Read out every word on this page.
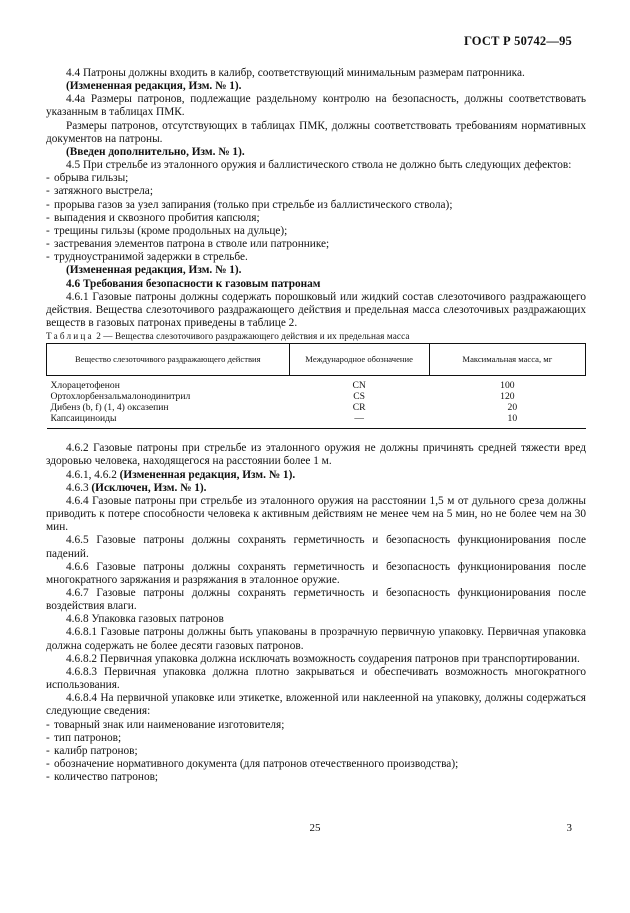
ГОСТ Р 50742—95

4.4 Патроны должны входить в калибр, соответствующий минимальным размерам патронника.

(Измененная редакция, Изм. № 1).

4.4а Размеры патронов, подлежащие раздельному контролю на безопасность, должны соответствовать указанным в таблицах ПМК.

Размеры патронов, отсутствующих в таблицах ПМК, должны соответствовать требованиям нормативных документов на патроны.

(Введен дополнительно, Изм. № 1).

4.5 При стрельбе из эталонного оружия и баллистического ствола не должно быть следующих дефектов:

- обрыва гильзы;
- затяжного выстрела;
- прорыва газов за узел запирания (только при стрельбе из баллистического ствола);
- выпадения и сквозного пробития капсюля;
- трещины гильзы (кроме продольных на дульце);
- застревания элементов патрона в стволе или патроннике;
- трудноустранимой задержки в стрельбе.

(Измененная редакция, Изм. № 1).

4.6 Требования безопасности к газовым патронам

4.6.1 Газовые патроны должны содержать порошковый или жидкий состав слезоточивого раздражающего действия. Вещества слезоточивого раздражающего действия и предельная масса слезоточивых раздражающих веществ в газовых патронах приведены в таблице 2.

Таблица 2 — Вещества слезоточивого раздражающего действия и их предельная масса

Вещество слезоточивого раздражающего действия	Международное обозначение	Максимальная масса, мг
Хлорацетофенон	CN	100
Ортохлорбензальмалонодинитрил	CS	120
Дибенз (b, f) (1, 4) оксазепин	CR	20
Капсаициноиды	—	10

4.6.2 Газовые патроны при стрельбе из эталонного оружия не должны причинять средней тяжести вред здоровью человека, находящегося на расстоянии более 1 м.

4.6.1, 4.6.2 (Измененная редакция, Изм. № 1).

4.6.3 (Исключен, Изм. № 1).

4.6.4 Газовые патроны при стрельбе из эталонного оружия на расстоянии 1,5 м от дульного среза должны приводить к потере способности человека к активным действиям не менее чем на 5 мин, но не более чем на 30 мин.

4.6.5 Газовые патроны должны сохранять герметичность и безопасность функционирования после падений.

4.6.6 Газовые патроны должны сохранять герметичность и безопасность функционирования после многократного заряжания и разряжания в эталонное оружие.

4.6.7 Газовые патроны должны сохранять герметичность и безопасность функционирования после воздействия влаги.

4.6.8 Упаковка газовых патронов

4.6.8.1 Газовые патроны должны быть упакованы в прозрачную первичную упаковку. Первичная упаковка должна содержать не более десяти газовых патронов.

4.6.8.2 Первичная упаковка должна исключать возможность соударения патронов при транспортировании.

4.6.8.3 Первичная упаковка должна плотно закрываться и обеспечивать возможность многократного использования.

4.6.8.4 На первичной упаковке или этикетке, вложенной или наклеенной на упаковку, должны содержаться следующие сведения:

- товарный знак или наименование изготовителя;
- тип патронов;
- калибр патронов;
- обозначение нормативного документа (для патронов отечественного производства);
- количество патронов;
25	3
